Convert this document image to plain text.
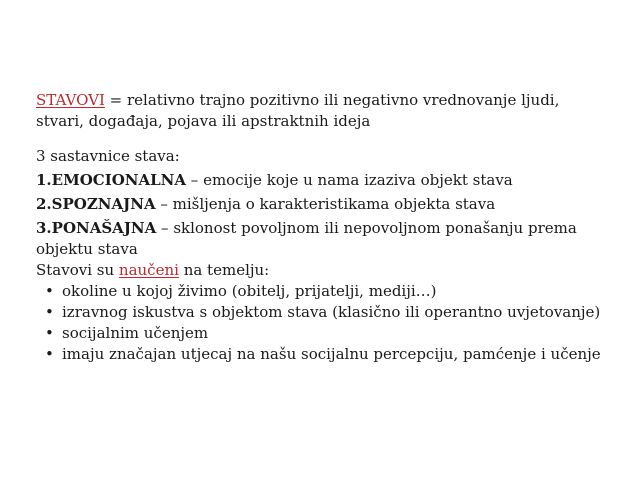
STAVOVI = relativno trajno pozitivno ili negativno vrednovanje ljudi,
stvari, događaja, pojava ili apstraktnih ideja
3 sastavnice stava:
1.EMOCIONALNA – emocije koje u nama izaziva objekt stava
2.SPOZNAJNA – mišljenja o karakteristikama objekta stava
3.PONAŠAJNA – sklonost povoljnom ili nepovoljnom ponašanju prema
objektu stava
Stavovi su naučeni na temelju:
• okoline u kojoj živimo (obitelj, prijatelji, mediji…)
• izravnog iskustva s objektom stava (klasično ili operantno uvjetovanje)
• socijalnim učenjem
• imaju značajan utjecaj na našu socijalnu percepciju, pamćenje i učenje
